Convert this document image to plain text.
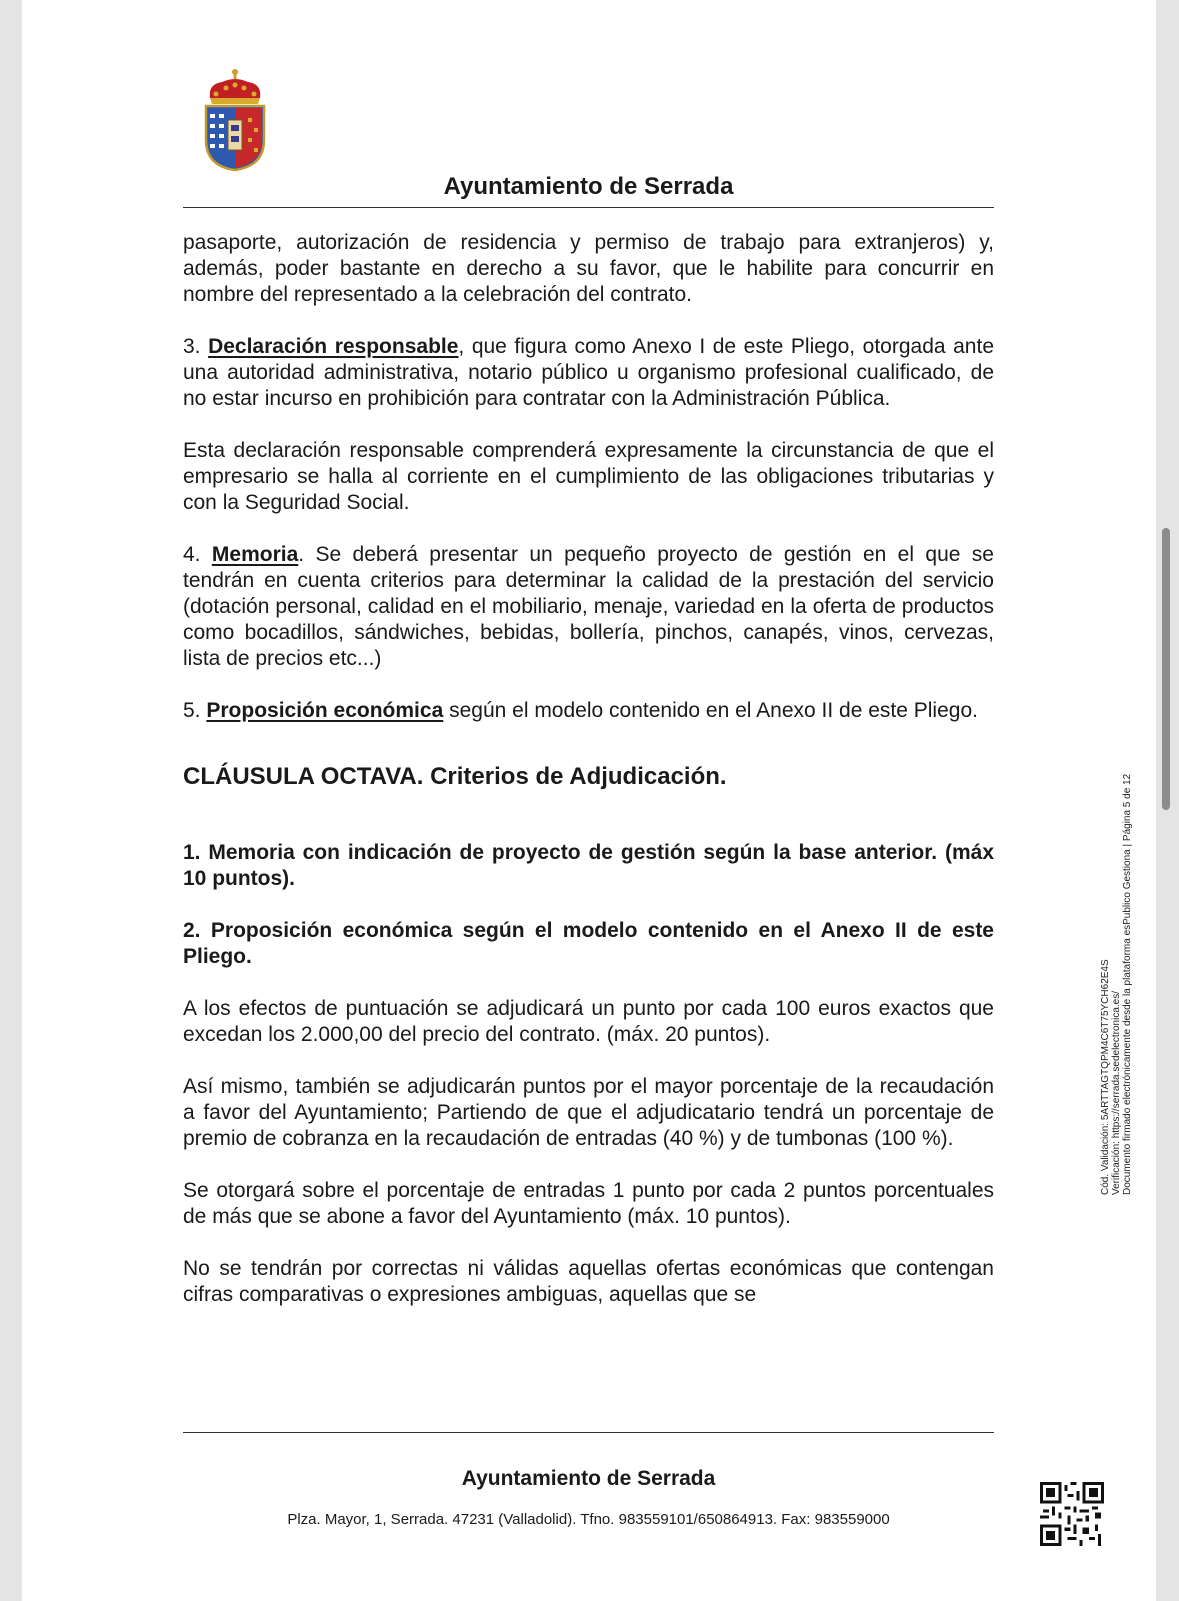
Ayuntamiento de Serrada

pasaporte, autorización de residencia y permiso de trabajo para extranjeros) y, además, poder bastante en derecho a su favor, que le habilite para concurrir en nombre del representado a la celebración del contrato.

3. Declaración responsable, que figura como Anexo I de este Pliego, otorgada ante una autoridad administrativa, notario público u organismo profesional cualificado, de no estar incurso en prohibición para contratar con la Administración Pública.

Esta declaración responsable comprenderá expresamente la circunstancia de que el empresario se halla al corriente en el cumplimiento de las obligaciones tributarias y con la Seguridad Social.

4. Memoria. Se deberá presentar un pequeño proyecto de gestión en el que se tendrán en cuenta criterios para determinar la calidad de la prestación del servicio (dotación personal, calidad en el mobiliario, menaje, variedad en la oferta de productos como bocadillos, sándwiches, bebidas, bollería, pinchos, canapés, vinos, cervezas, lista de precios etc...)

5. Proposición económica según el modelo contenido en el Anexo II de este Pliego.

CLÁUSULA OCTAVA. Criterios de Adjudicación.

1. Memoria con indicación de proyecto de gestión según la base anterior. (máx 10 puntos).

2. Proposición económica según el modelo contenido en el Anexo II de este Pliego.

A los efectos de puntuación se adjudicará un punto por cada 100 euros exactos que excedan los 2.000,00 del precio del contrato. (máx. 20 puntos).

Así mismo, también se adjudicarán puntos por el mayor porcentaje de la recaudación a favor del Ayuntamiento; Partiendo de que el adjudicatario tendrá un porcentaje de premio de cobranza en la recaudación de entradas (40 %) y de tumbonas (100 %).

Se otorgará sobre el porcentaje de entradas 1 punto por cada 2 puntos porcentuales de más que se abone a favor del Ayuntamiento (máx. 10 puntos).

No se tendrán por correctas ni válidas aquellas ofertas económicas que contengan cifras comparativas o expresiones ambiguas, aquellas que se

Ayuntamiento de Serrada
Plza. Mayor, 1, Serrada. 47231 (Valladolid). Tfno. 983559101/650864913. Fax: 983559000
Cód. Validación: 5ARTTAGTQPM4C6T75YCH62E4S Verificación: https://serrada.sedelectronica.es/ Documento firmado electrónicamente desde la plataforma esPublico Gestiona | Página 5 de 12
